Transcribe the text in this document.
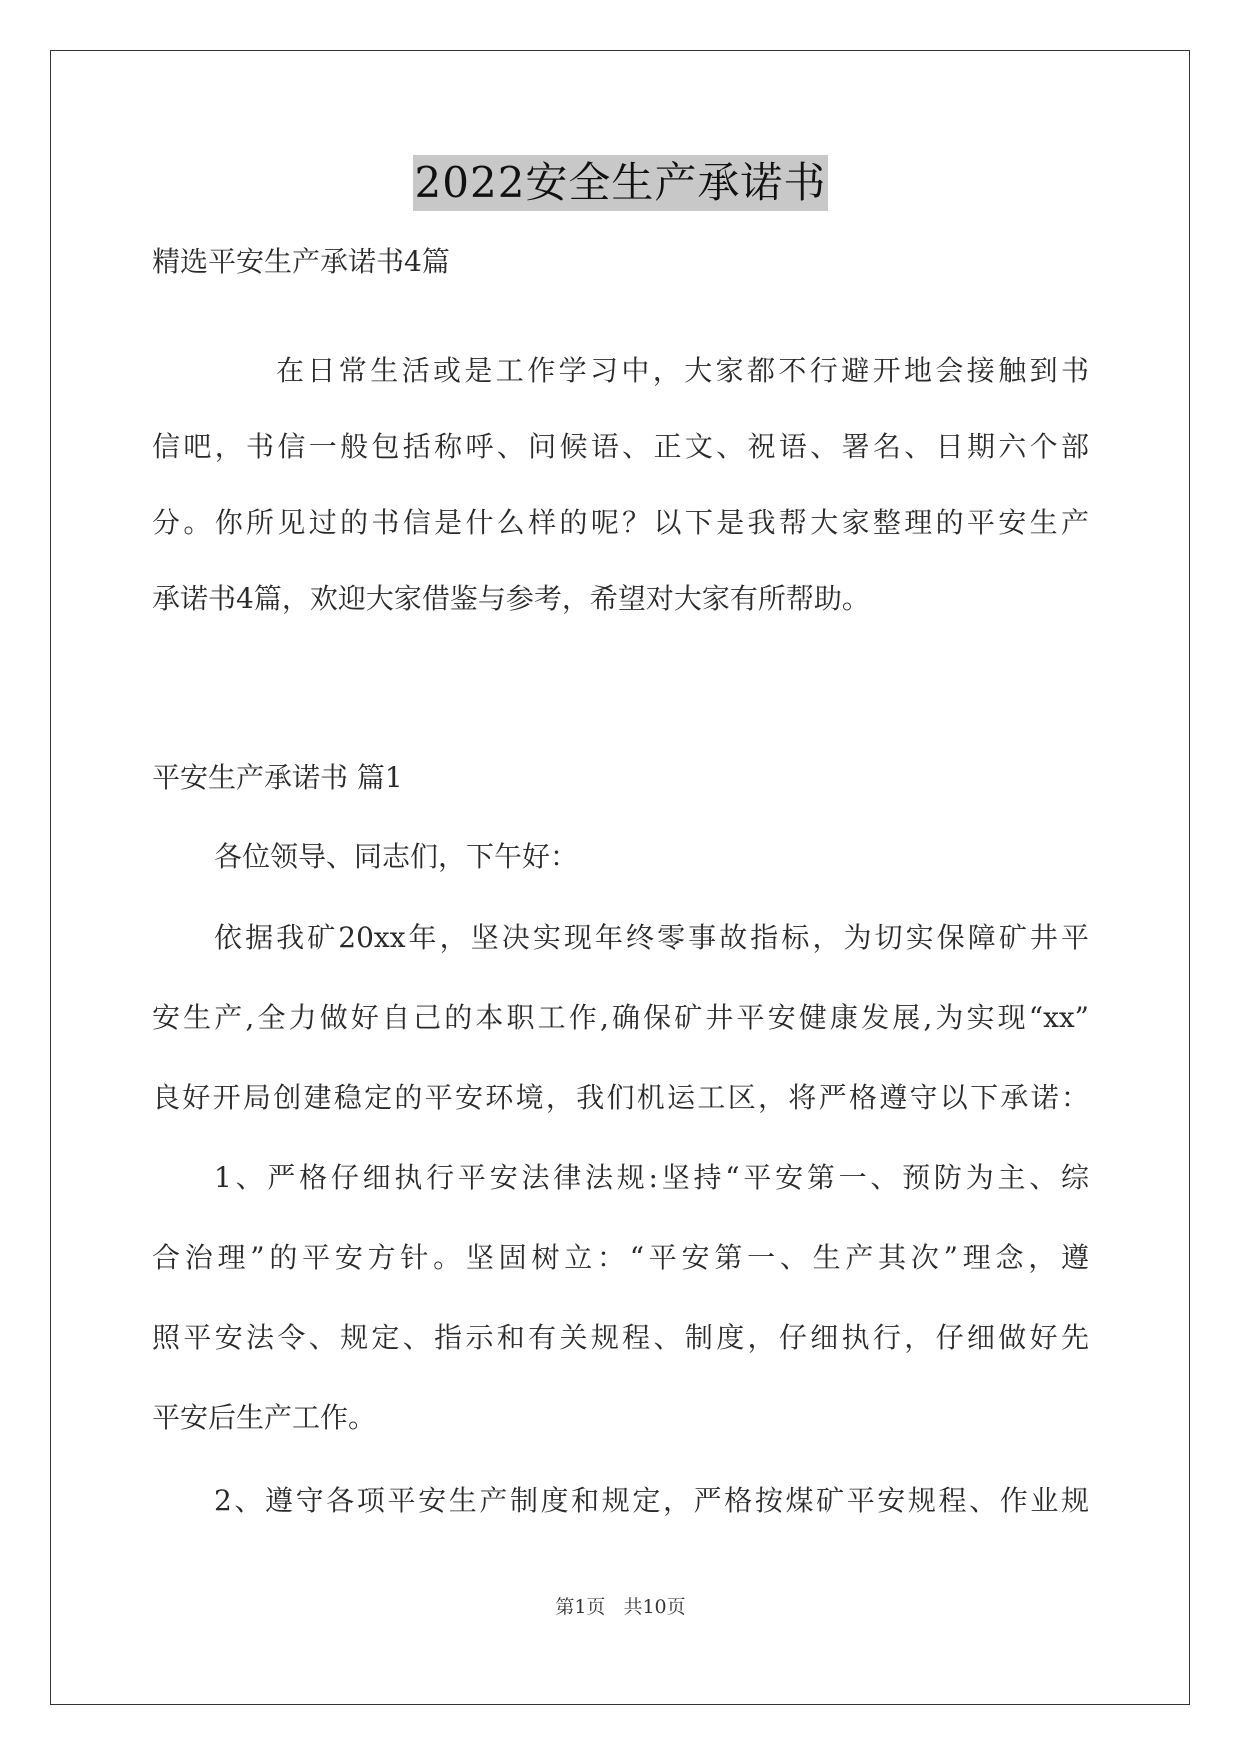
2022安全生产承诺书
精选平安生产承诺书4篇
在日常生活或是工作学习中，大家都不行避开地会接触到书
信吧，书信一般包括称呼、问候语、正文、祝语、署名、日期六个部
分。你所见过的书信是什么样的呢？以下是我帮大家整理的平安生产
承诺书4篇，欢迎大家借鉴与参考，希望对大家有所帮助。
平安生产承诺书 篇1
各位领导、同志们，下午好：
依据我矿20xx年，坚决实现年终零事故指标，为切实保障矿井平
安生产,全力做好自己的本职工作,确保矿井平安健康发展,为实现“xx”
良好开局创建稳定的平安环境，我们机运工区，将严格遵守以下承诺：
1、严格仔细执行平安法律法规:坚持“平安第一、预防为主、综
合治理”的平安方针。坚固树立：“平安第一、生产其次”理念，遵
照平安法令、规定、指示和有关规程、制度，仔细执行，仔细做好先
平安后生产工作。
2、遵守各项平安生产制度和规定，严格按煤矿平安规程、作业规
第1页 共10页
